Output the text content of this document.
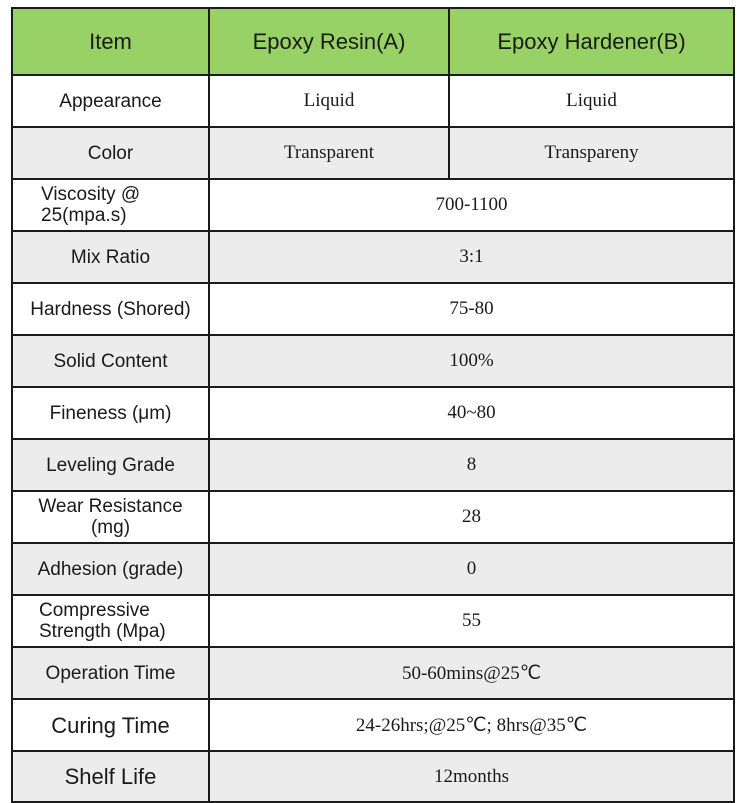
Item	Epoxy Resin(A)	Epoxy Hardener(B)
Appearance	Liquid	Liquid
Color	Transparent	Transpareny
Viscosity @ 25(mpa.s)	700-1100	
Mix Ratio	3:1	
Hardness (Shored)	75-80	
Solid Content	100%	
Fineness (μm)	40~80	
Leveling Grade	8	
Wear Resistance (mg)	28	
Adhesion (grade)	0	
Compressive Strength (Mpa)	55	
Operation Time	50-60mins@25℃	
Curing Time	24-26hrs;@25℃; 8hrs@35℃	
Shelf Life	12months	
